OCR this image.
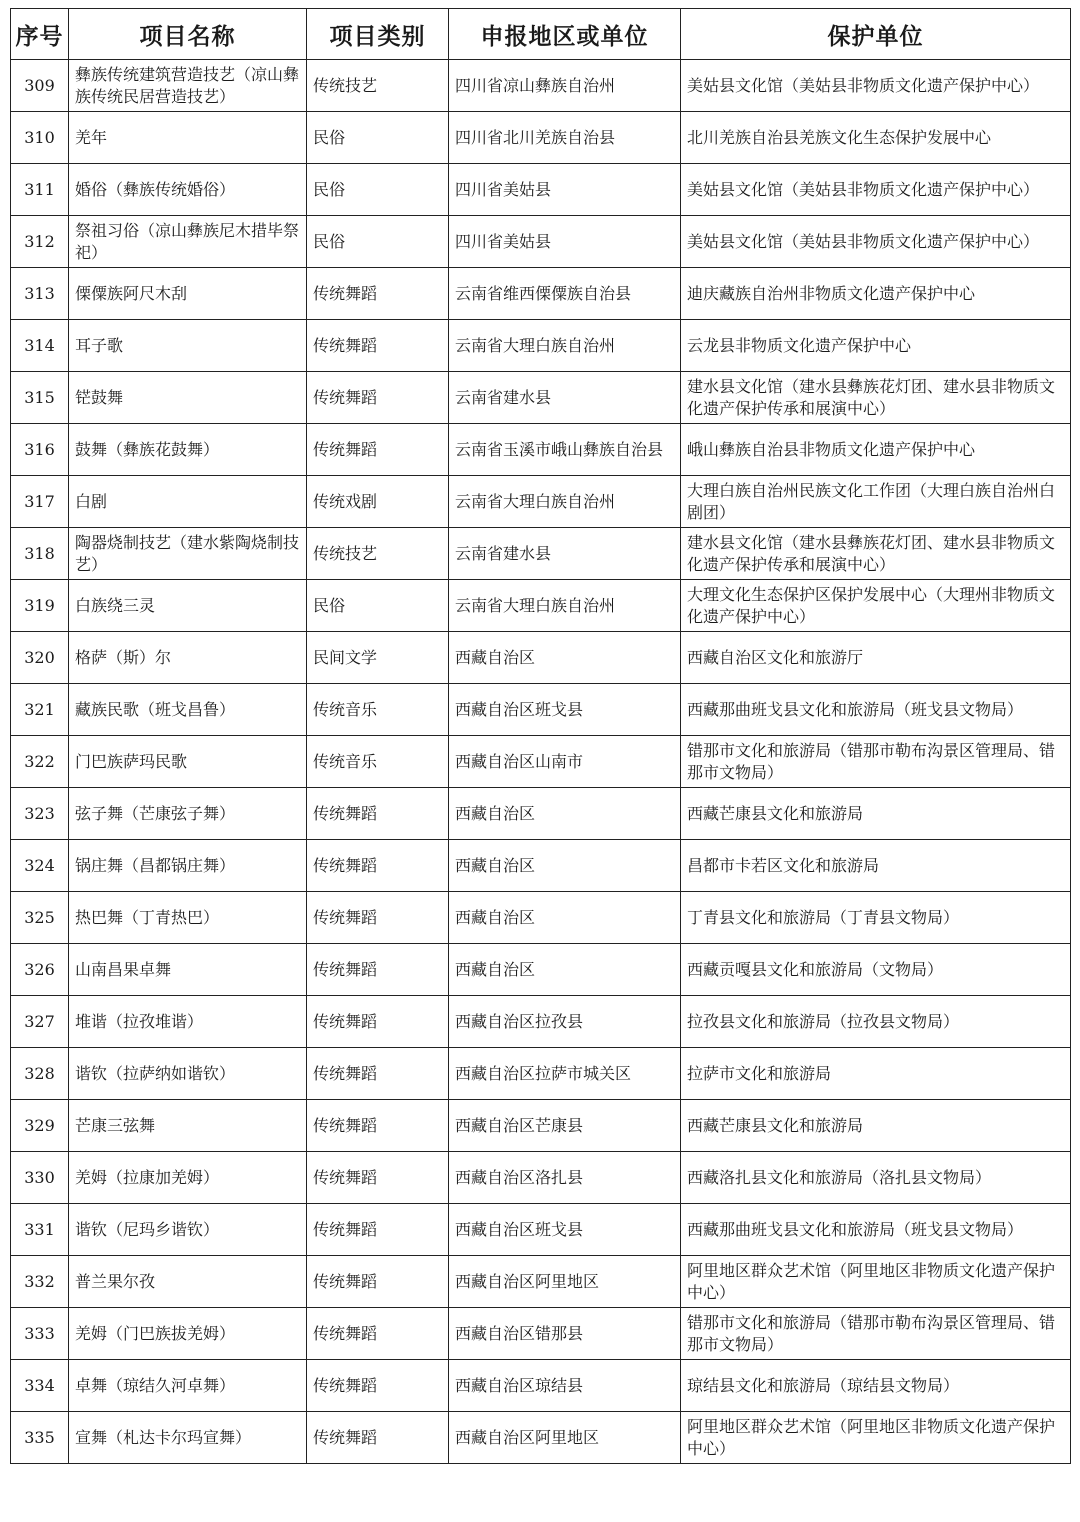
序号	项目名称	项目类别	申报地区或单位	保护单位
309	彝族传统建筑营造技艺（凉山彝族传统民居营造技艺）	传统技艺	四川省凉山彝族自治州	美姑县文化馆（美姑县非物质文化遗产保护中心）
310	羌年	民俗	四川省北川羌族自治县	北川羌族自治县羌族文化生态保护发展中心
311	婚俗（彝族传统婚俗）	民俗	四川省美姑县	美姑县文化馆（美姑县非物质文化遗产保护中心）
312	祭祖习俗（凉山彝族尼木措毕祭祀）	民俗	四川省美姑县	美姑县文化馆（美姑县非物质文化遗产保护中心）
313	傈僳族阿尺木刮	传统舞蹈	云南省维西傈僳族自治县	迪庆藏族自治州非物质文化遗产保护中心
314	耳子歌	传统舞蹈	云南省大理白族自治州	云龙县非物质文化遗产保护中心
315	铓鼓舞	传统舞蹈	云南省建水县	建水县文化馆（建水县彝族花灯团、建水县非物质文化遗产保护传承和展演中心）
316	鼓舞（彝族花鼓舞）	传统舞蹈	云南省玉溪市峨山彝族自治县	峨山彝族自治县非物质文化遗产保护中心
317	白剧	传统戏剧	云南省大理白族自治州	大理白族自治州民族文化工作团（大理白族自治州白剧团）
318	陶器烧制技艺（建水紫陶烧制技艺）	传统技艺	云南省建水县	建水县文化馆（建水县彝族花灯团、建水县非物质文化遗产保护传承和展演中心）
319	白族绕三灵	民俗	云南省大理白族自治州	大理文化生态保护区保护发展中心（大理州非物质文化遗产保护中心）
320	格萨（斯）尔	民间文学	西藏自治区	西藏自治区文化和旅游厅
321	藏族民歌（班戈昌鲁）	传统音乐	西藏自治区班戈县	西藏那曲班戈县文化和旅游局（班戈县文物局）
322	门巴族萨玛民歌	传统音乐	西藏自治区山南市	错那市文化和旅游局（错那市勒布沟景区管理局、错那市文物局）
323	弦子舞（芒康弦子舞）	传统舞蹈	西藏自治区	西藏芒康县文化和旅游局
324	锅庄舞（昌都锅庄舞）	传统舞蹈	西藏自治区	昌都市卡若区文化和旅游局
325	热巴舞（丁青热巴）	传统舞蹈	西藏自治区	丁青县文化和旅游局（丁青县文物局）
326	山南昌果卓舞	传统舞蹈	西藏自治区	西藏贡嘎县文化和旅游局（文物局）
327	堆谐（拉孜堆谐）	传统舞蹈	西藏自治区拉孜县	拉孜县文化和旅游局（拉孜县文物局）
328	谐钦（拉萨纳如谐钦）	传统舞蹈	西藏自治区拉萨市城关区	拉萨市文化和旅游局
329	芒康三弦舞	传统舞蹈	西藏自治区芒康县	西藏芒康县文化和旅游局
330	羌姆（拉康加羌姆）	传统舞蹈	西藏自治区洛扎县	西藏洛扎县文化和旅游局（洛扎县文物局）
331	谐钦（尼玛乡谐钦）	传统舞蹈	西藏自治区班戈县	西藏那曲班戈县文化和旅游局（班戈县文物局）
332	普兰果尔孜	传统舞蹈	西藏自治区阿里地区	阿里地区群众艺术馆（阿里地区非物质文化遗产保护中心）
333	羌姆（门巴族拔羌姆）	传统舞蹈	西藏自治区错那县	错那市文化和旅游局（错那市勒布沟景区管理局、错那市文物局）
334	卓舞（琼结久河卓舞）	传统舞蹈	西藏自治区琼结县	琼结县文化和旅游局（琼结县文物局）
335	宣舞（札达卡尔玛宣舞）	传统舞蹈	西藏自治区阿里地区	阿里地区群众艺术馆（阿里地区非物质文化遗产保护中心）
